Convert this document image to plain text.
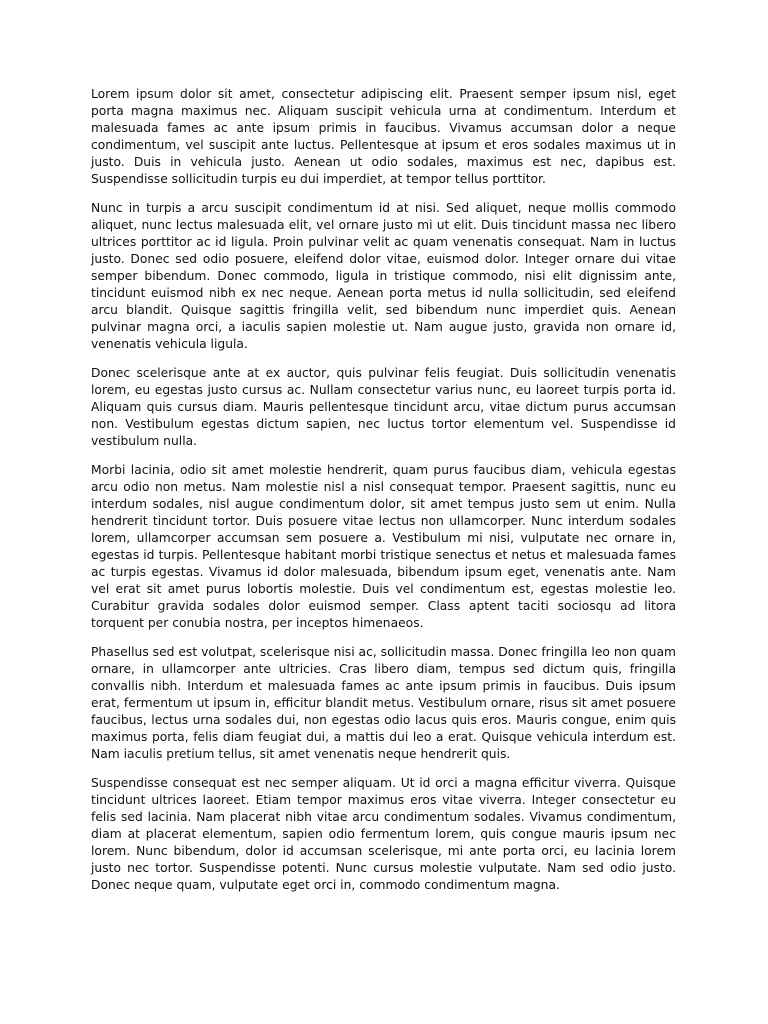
Lorem ipsum dolor sit amet, consectetur adipiscing elit. Praesent semper ipsum nisl, eget porta magna maximus nec. Aliquam suscipit vehicula urna at condimentum. Interdum et malesuada fames ac ante ipsum primis in faucibus. Vivamus accumsan dolor a neque condimentum, vel suscipit ante luctus. Pellentesque at ipsum et eros sodales maximus ut in justo. Duis in vehicula justo. Aenean ut odio sodales, maximus est nec, dapibus est. Suspendisse sollicitudin turpis eu dui imperdiet, at tempor tellus porttitor.

Nunc in turpis a arcu suscipit condimentum id at nisi. Sed aliquet, neque mollis commodo aliquet, nunc lectus malesuada elit, vel ornare justo mi ut elit. Duis tincidunt massa nec libero ultrices porttitor ac id ligula. Proin pulvinar velit ac quam venenatis consequat. Nam in luctus justo. Donec sed odio posuere, eleifend dolor vitae, euismod dolor. Integer ornare dui vitae semper bibendum. Donec commodo, ligula in tristique commodo, nisi elit dignissim ante, tincidunt euismod nibh ex nec neque. Aenean porta metus id nulla sollicitudin, sed eleifend arcu blandit. Quisque sagittis fringilla velit, sed bibendum nunc imperdiet quis. Aenean pulvinar magna orci, a iaculis sapien molestie ut. Nam augue justo, gravida non ornare id, venenatis vehicula ligula.

Donec scelerisque ante at ex auctor, quis pulvinar felis feugiat. Duis sollicitudin venenatis lorem, eu egestas justo cursus ac. Nullam consectetur varius nunc, eu laoreet turpis porta id. Aliquam quis cursus diam. Mauris pellentesque tincidunt arcu, vitae dictum purus accumsan non. Vestibulum egestas dictum sapien, nec luctus tortor elementum vel. Suspendisse id vestibulum nulla.

Morbi lacinia, odio sit amet molestie hendrerit, quam purus faucibus diam, vehicula egestas arcu odio non metus. Nam molestie nisl a nisl consequat tempor. Praesent sagittis, nunc eu interdum sodales, nisl augue condimentum dolor, sit amet tempus justo sem ut enim. Nulla hendrerit tincidunt tortor. Duis posuere vitae lectus non ullamcorper. Nunc interdum sodales lorem, ullamcorper accumsan sem posuere a. Vestibulum mi nisi, vulputate nec ornare in, egestas id turpis. Pellentesque habitant morbi tristique senectus et netus et malesuada fames ac turpis egestas. Vivamus id dolor malesuada, bibendum ipsum eget, venenatis ante. Nam vel erat sit amet purus lobortis molestie. Duis vel condimentum est, egestas molestie leo. Curabitur gravida sodales dolor euismod semper. Class aptent taciti sociosqu ad litora torquent per conubia nostra, per inceptos himenaeos.

Phasellus sed est volutpat, scelerisque nisi ac, sollicitudin massa. Donec fringilla leo non quam ornare, in ullamcorper ante ultricies. Cras libero diam, tempus sed dictum quis, fringilla convallis nibh. Interdum et malesuada fames ac ante ipsum primis in faucibus. Duis ipsum erat, fermentum ut ipsum in, efficitur blandit metus. Vestibulum ornare, risus sit amet posuere faucibus, lectus urna sodales dui, non egestas odio lacus quis eros. Mauris congue, enim quis maximus porta, felis diam feugiat dui, a mattis dui leo a erat. Quisque vehicula interdum est. Nam iaculis pretium tellus, sit amet venenatis neque hendrerit quis.

Suspendisse consequat est nec semper aliquam. Ut id orci a magna efficitur viverra. Quisque tincidunt ultrices laoreet. Etiam tempor maximus eros vitae viverra. Integer consectetur eu felis sed lacinia. Nam placerat nibh vitae arcu condimentum sodales. Vivamus condimentum, diam at placerat elementum, sapien odio fermentum lorem, quis congue mauris ipsum nec lorem. Nunc bibendum, dolor id accumsan scelerisque, mi ante porta orci, eu lacinia lorem justo nec tortor. Suspendisse potenti. Nunc cursus molestie vulputate. Nam sed odio justo. Donec neque quam, vulputate eget orci in, commodo condimentum magna.
